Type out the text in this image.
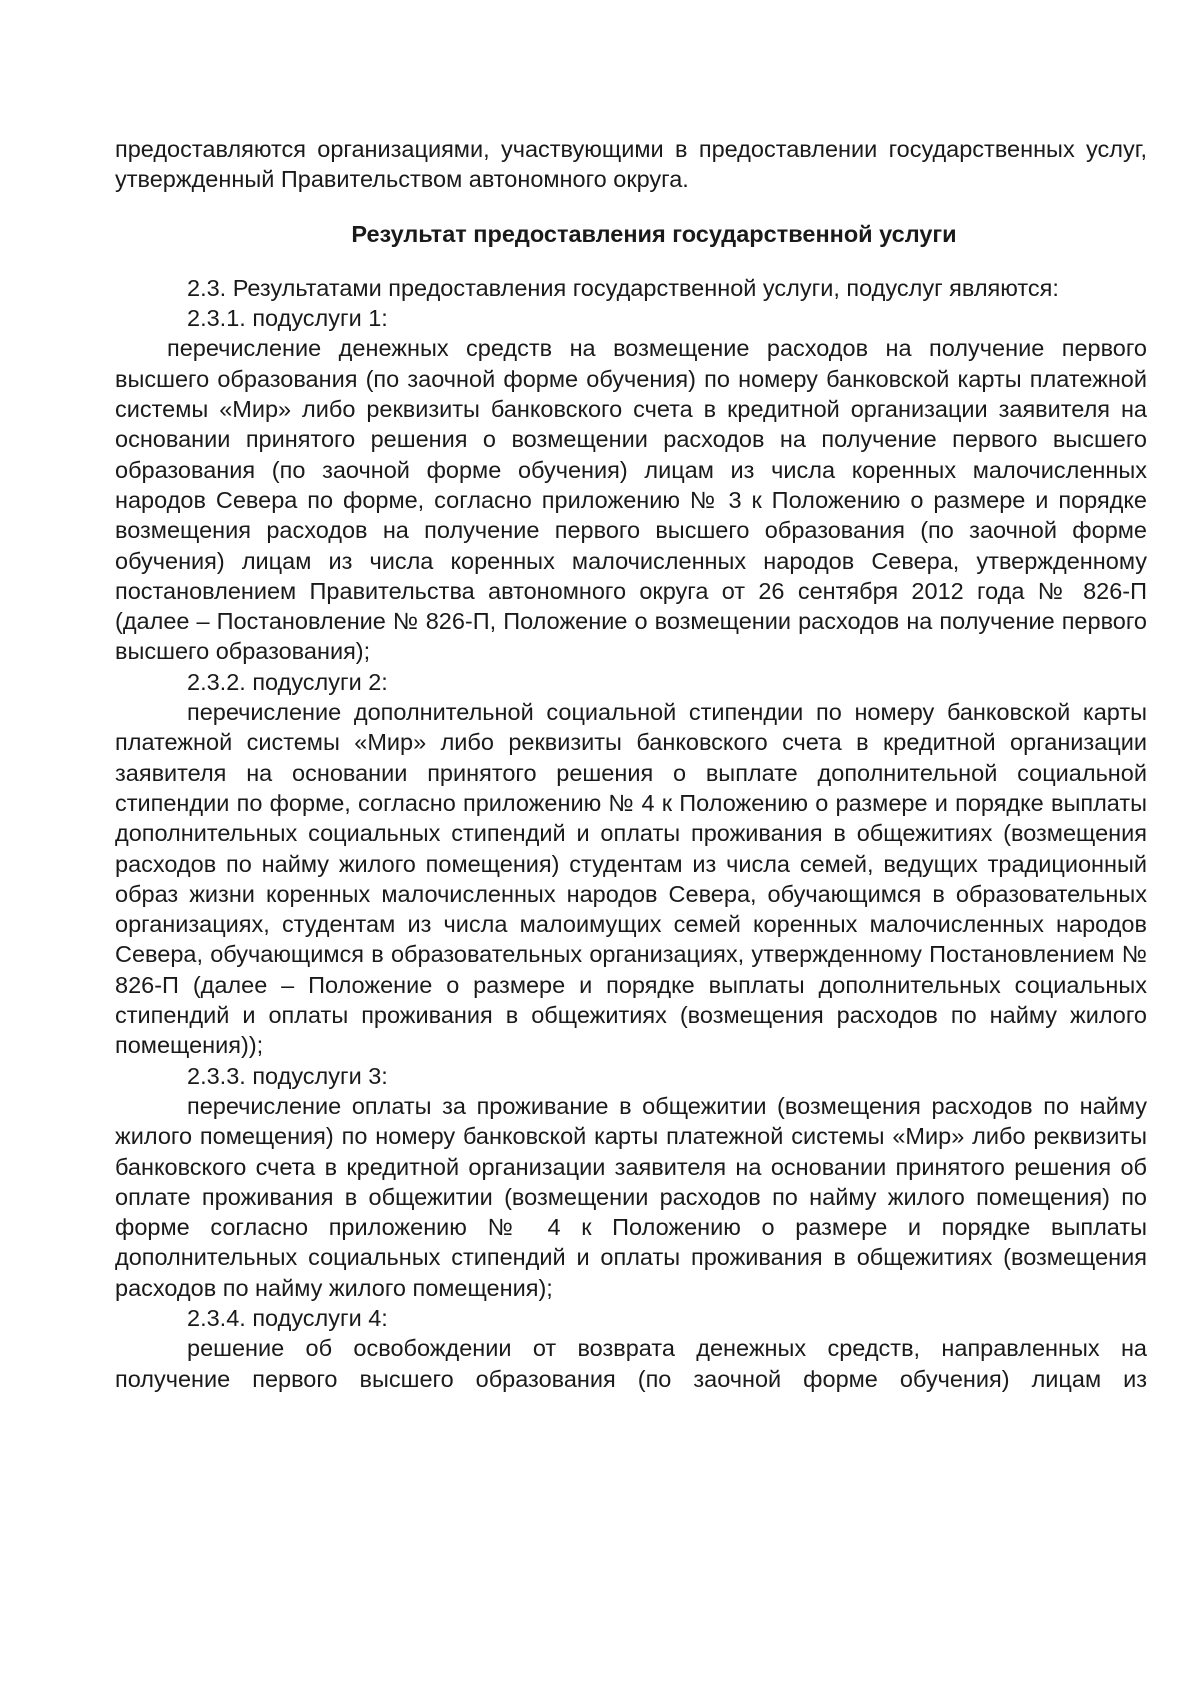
предоставляются организациями, участвующими в предоставлении государственных услуг, утвержденный Правительством автономного округа.

Результат предоставления государственной услуги

2.3. Результатами предоставления государственной услуги, подуслуг являются:

2.3.1. подуслуги 1:

перечисление денежных средств на возмещение расходов на получение первого высшего образования (по заочной форме обучения) по номеру банковской карты платежной системы «Мир» либо реквизиты банковского счета в кредитной организации заявителя на основании принятого решения о возмещении расходов на получение первого высшего образования (по заочной форме обучения) лицам из числа коренных малочисленных народов Севера по форме, согласно приложению № 3 к Положению о размере и порядке возмещения расходов на получение первого высшего образования (по заочной форме обучения) лицам из числа коренных малочисленных народов Севера, утвержденному постановлением Правительства автономного округа от 26 сентября 2012 года № 826-П (далее – Постановление № 826-П, Положение о возмещении расходов на получение первого высшего образования);

2.3.2. подуслуги 2:

перечисление дополнительной социальной стипендии по номеру банковской карты платежной системы «Мир» либо реквизиты банковского счета в кредитной организации заявителя на основании принятого решения о выплате дополнительной социальной стипендии по форме, согласно приложению № 4 к Положению о размере и порядке выплаты дополнительных социальных стипендий и оплаты проживания в общежитиях (возмещения расходов по найму жилого помещения) студентам из числа семей, ведущих традиционный образ жизни коренных малочисленных народов Севера, обучающимся в образовательных организациях, студентам из числа малоимущих семей коренных малочисленных народов Севера, обучающимся в образовательных организациях, утвержденному Постановлением № 826-П (далее – Положение о размере и порядке выплаты дополнительных социальных стипендий и оплаты проживания в общежитиях (возмещения расходов по найму жилого помещения));

2.3.3. подуслуги 3:

перечисление оплаты за проживание в общежитии (возмещения расходов по найму жилого помещения) по номеру банковской карты платежной системы «Мир» либо реквизиты банковского счета в кредитной организации заявителя на основании принятого решения об оплате проживания в общежитии (возмещении расходов по найму жилого помещения) по форме согласно приложению № 4 к Положению о размере и порядке выплаты дополнительных социальных стипендий и оплаты проживания в общежитиях (возмещения расходов по найму жилого помещения);

2.3.4. подуслуги 4:

решение об освобождении от возврата денежных средств, направленных на получение первого высшего образования (по заочной форме обучения) лицам из
